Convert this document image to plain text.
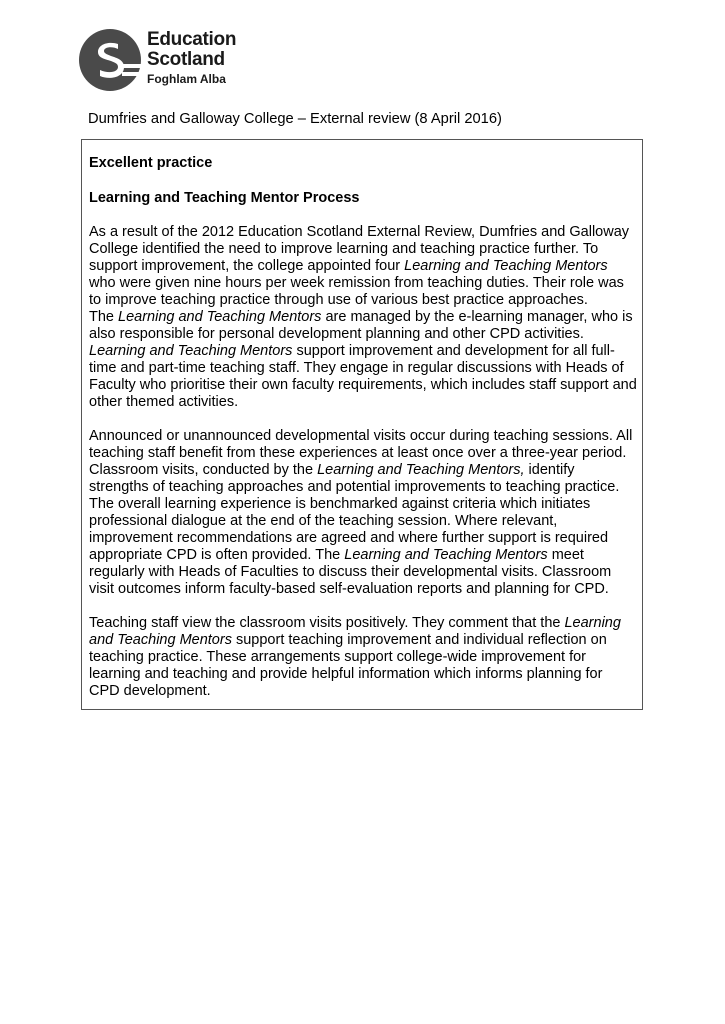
Education
Scotland
Foghlam Alba
Dumfries and Galloway College – External review (8 April 2016)

Excellent practice

Learning and Teaching Mentor Process

As a result of the 2012 Education Scotland External Review, Dumfries and Galloway College identified the need to improve learning and teaching practice further. To support improvement, the college appointed four Learning and Teaching Mentors who were given nine hours per week remission from teaching duties. Their role was to improve teaching practice through use of various best practice approaches.

The Learning and Teaching Mentors are managed by the e-learning manager, who is also responsible for personal development planning and other CPD activities. Learning and Teaching Mentors support improvement and development for all full-time and part-time teaching staff. They engage in regular discussions with Heads of Faculty who prioritise their own faculty requirements, which includes staff support and other themed activities.

Announced or unannounced developmental visits occur during teaching sessions. All teaching staff benefit from these experiences at least once over a three-year period. Classroom visits, conducted by the Learning and Teaching Mentors, identify strengths of teaching approaches and potential improvements to teaching practice. The overall learning experience is benchmarked against criteria which initiates professional dialogue at the end of the teaching session. Where relevant, improvement recommendations are agreed and where further support is required appropriate CPD is often provided. The Learning and Teaching Mentors meet regularly with Heads of Faculties to discuss their developmental visits. Classroom visit outcomes inform faculty-based self-evaluation reports and planning for CPD.

Teaching staff view the classroom visits positively. They comment that the Learning and Teaching Mentors support teaching improvement and individual reflection on teaching practice. These arrangements support college-wide improvement for learning and teaching and provide helpful information which informs planning for CPD development.
